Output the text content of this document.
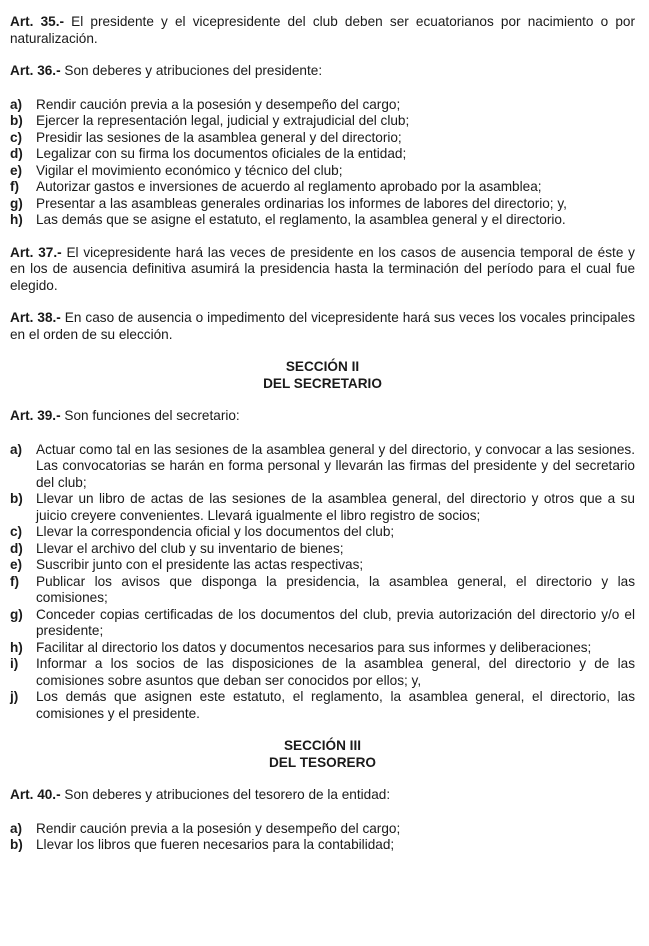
Art. 35.- El presidente y el vicepresidente del club deben ser ecuatorianos por nacimiento o por naturalización.

Art. 36.- Son deberes y atribuciones del presidente:

a)	Rendir caución previa a la posesión y desempeño del cargo;
b) Ejercer la representación legal, judicial y extrajudicial del club;
c)	Presidir las sesiones de la asamblea general y del directorio;
d) Legalizar con su firma los documentos oficiales de la entidad;
e)	Vigilar el movimiento económico y técnico del club;
f)	Autorizar gastos e inversiones de acuerdo al reglamento aprobado por la asamblea;
g) Presentar a las asambleas generales ordinarias los informes de labores del directorio; y,
h) Las demás que se asigne el estatuto, el reglamento, la asamblea general y el directorio.

Art. 37.- El vicepresidente hará las veces de presidente en los casos de ausencia temporal de éste y en los de ausencia definitiva asumirá la presidencia hasta la terminación del período para el cual fue elegido.

Art. 38.- En caso de ausencia o impedimento del vicepresidente hará sus veces los vocales principales en el orden de su elección.

SECCIÓN II
DEL SECRETARIO

Art. 39.- Son funciones del secretario:

a)	Actuar como tal en las sesiones de la asamblea general y del directorio, y convocar a las sesiones. Las convocatorias se harán en forma personal y llevarán las firmas del presidente y del secretario del club;
b) Llevar un libro de actas de las sesiones de la asamblea general, del directorio y otros que a su juicio creyere convenientes. Llevará igualmente el libro registro de socios;
c)	Llevar la correspondencia oficial y los documentos del club;
d) Llevar el archivo del club y su inventario de bienes;
e)	Suscribir junto con el presidente las actas respectivas;
f)	Publicar los avisos que disponga la presidencia, la asamblea general, el directorio y las comisiones;
g) Conceder copias certificadas de los documentos del club, previa autorización del directorio y/o el presidente;
h) Facilitar al directorio los datos y documentos necesarios para sus informes y deliberaciones;
i)	Informar a los socios de las disposiciones de la asamblea general, del directorio y de las comisiones sobre asuntos que deban ser conocidos por ellos; y,
j)	Los demás que asignen este estatuto, el reglamento, la asamblea general, el directorio, las comisiones y el presidente.
SECCIÓN III
DEL TESORERO

Art. 40.- Son deberes y atribuciones del tesorero de la entidad:

a)	Rendir caución previa a la posesión y desempeño del cargo;
b) Llevar los libros que fueren necesarios para la contabilidad;
